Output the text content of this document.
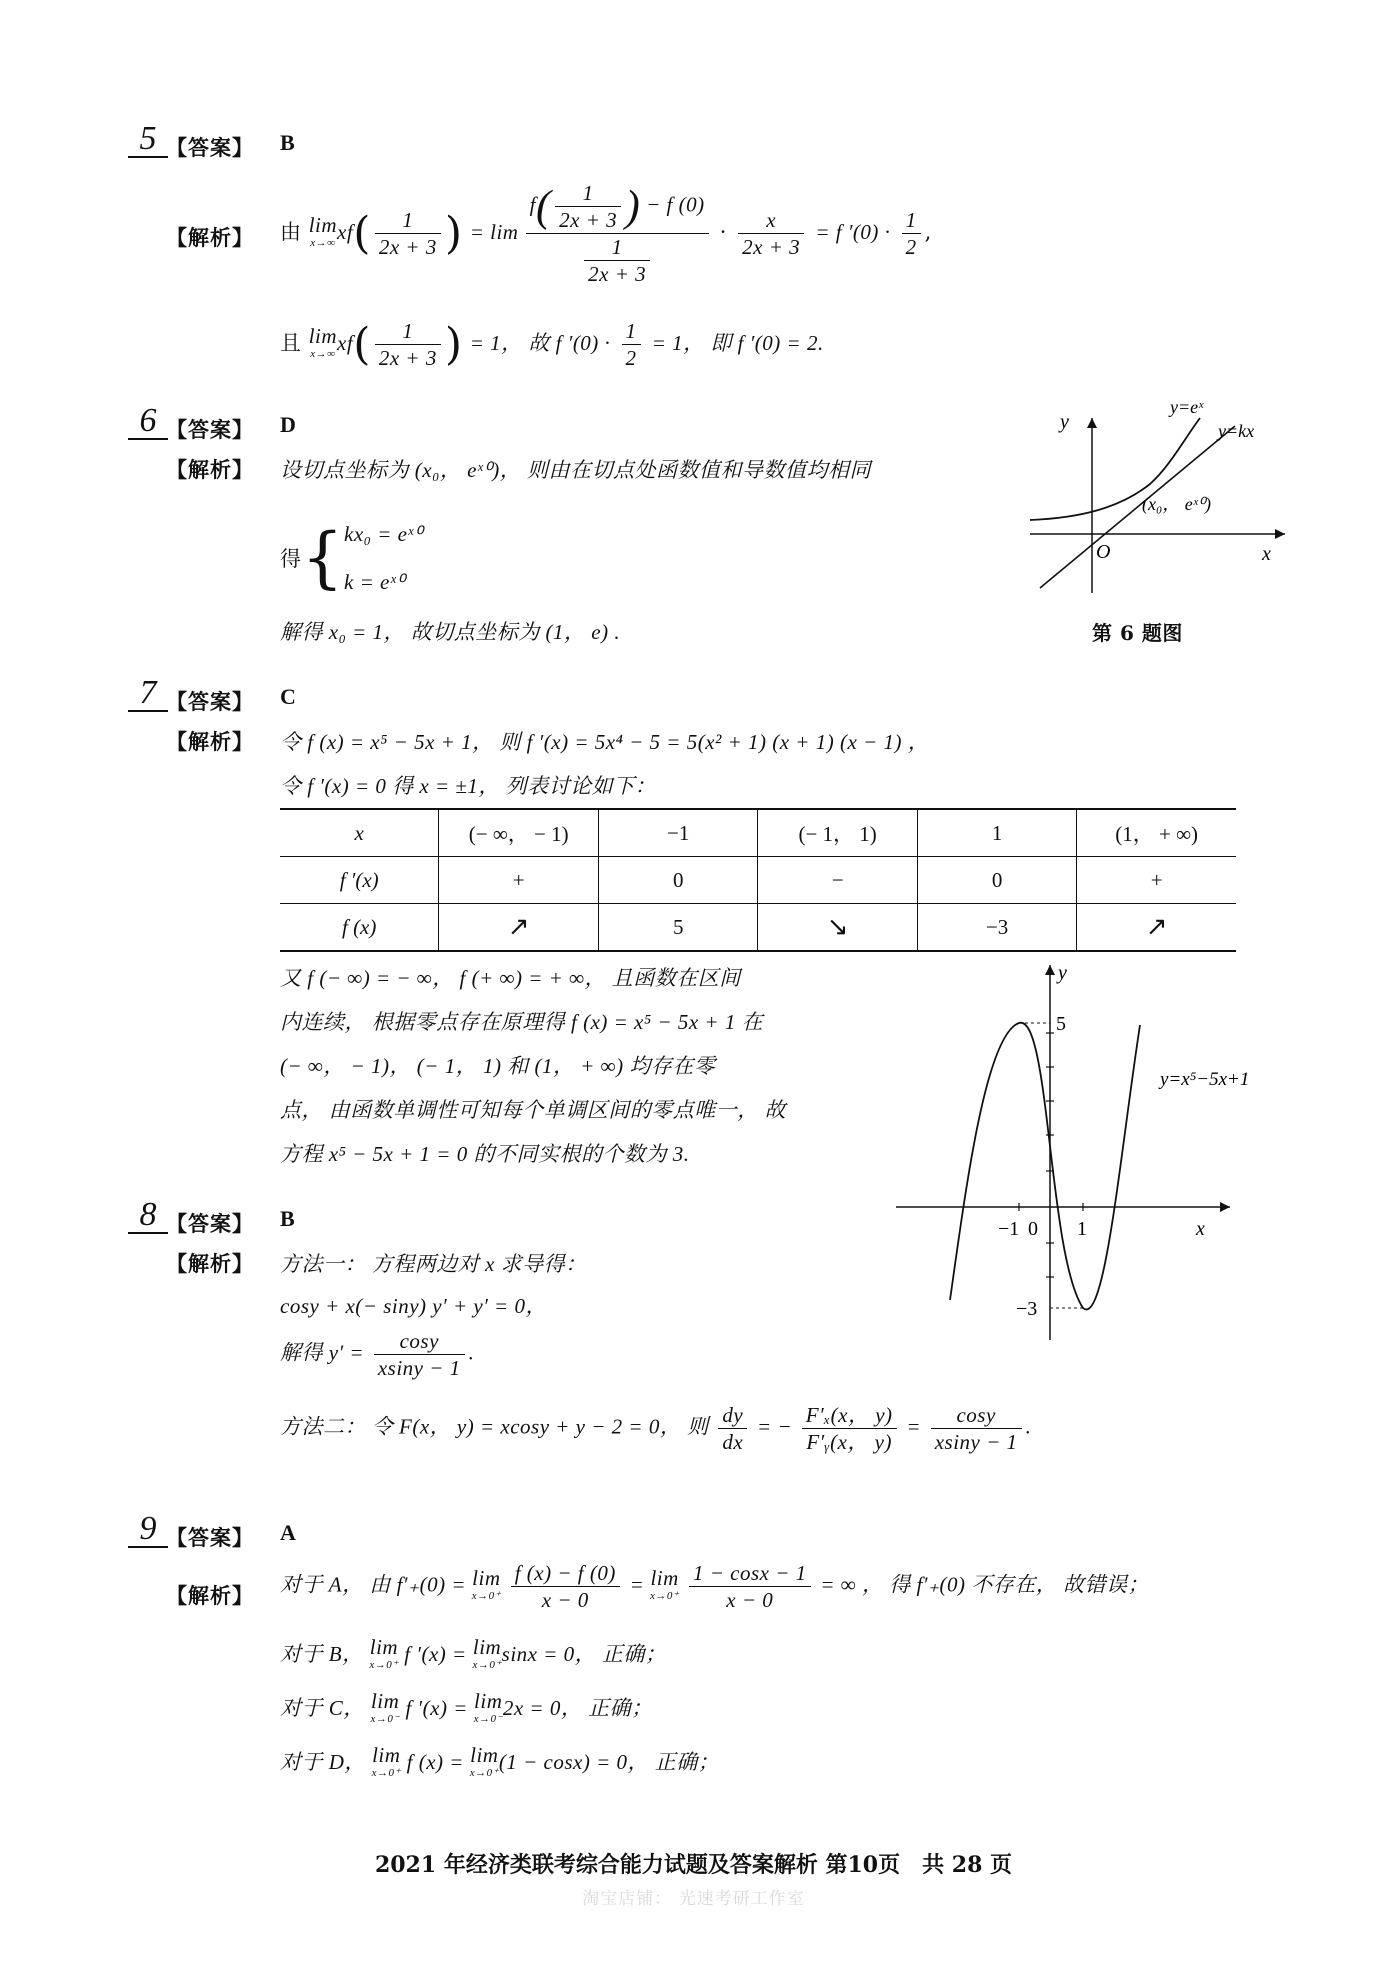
5 【答案】 B
【解析】 由 lim
x→∞ $xf( \frac{1}{2x + 3}$ ) = $\lim \frac{f( \frac{1}{2x + 3} ) - f (0)}{\frac{1}{2x + 3}} \cdot \frac{x}{2x + 3} = f$ $'(0) \cdot \frac{1}{2}$ ,
且 lim
x→∞ $xf( \frac{1}{2x + 3}$ ) = 1， 故 f $'(0) \cdot \frac{1}{2} = 1$， 即 f ′(0) = 2.
6 【答案】 D
【解析】 设切点坐标为 (x₀， eˣ⁰)， 则由在切点处函数值和导数值均相同
得{ kx₀ = eˣ⁰
k = eˣ⁰
解得 x₀ = 1， 故切点坐标为 (1， e) .
y
x
O
y=eˣ
y=kx
(x₀， eˣ⁰)
第 6 题图
7 【答案】 C
【解析】 令 f (x) = x⁵ − 5x + 1， 则 f ′(x) = 5x⁴ − 5 = 5(x² + 1) (x + 1) (x − 1) ，
令 f ′(x) = 0 得 x = ±1， 列表讨论如下：
x	(− ∞， − 1)	−1	(− 1， 1)	1	(1， + ∞)
f ′(x)	+	0	−	0	+
f (x)	↗	5	↘	−3	↗
又 f (− ∞) = − ∞， f (+ ∞) = + ∞， 且函数在区间
内连续， 根据零点存在原理得 f (x) = x⁵ − 5x + 1 在
(− ∞， − 1)， (− 1， 1) 和 (1， + ∞) 均存在零
点， 由函数单调性可知每个单调区间的零点唯一， 故
方程 x⁵ − 5x + 1 = 0 的不同实根的个数为 3.
y
x
5
−1 0 1
−3
y=x⁵−5x+1
8 【答案】 B
【解析】 方法一： 方程两边对 x 求导得：
cosy + x(− siny) y′ + y′ = 0，
解得 $y' = \frac{\cos y}{xsiny - 1}$ .
方法二： 令 F(x， y) = xcosy + y − 2 = 0， 则 $\frac{dy}{dx}$ = − $\frac{\text{F′ₓ(x， y)}}{\text{F′ᵧ(x， y)}} = \frac{\cos y}{xsiny - 1}$ .
9 【答案】 A
【解析】 对于 A， 由 f′₊(0) = lim
x→0⁺
$\frac{f (x) - f (0)}{x - 0} = \lim$
x→0⁺
$\frac{1 - \cos x - 1}{x - 0}$ = ∞ ， 得 f′₊(0) 不存在， 故错误；
对于 B， lim
x→0⁺ f ′(x) = lim
x→0⁺ sinx = 0， 正确；
对于 C， lim
x→0⁻ f ′(x) = lim
x→0⁻ 2x = 0， 正确；
对于 D， lim
x→0⁺ f (x) = lim
x→0⁺ (1 − cosx) = 0， 正确；
2021 年经济类联考综合能力试题及答案解析 第10页　共 28 页
淘宝店铺： 光速考研工作室
